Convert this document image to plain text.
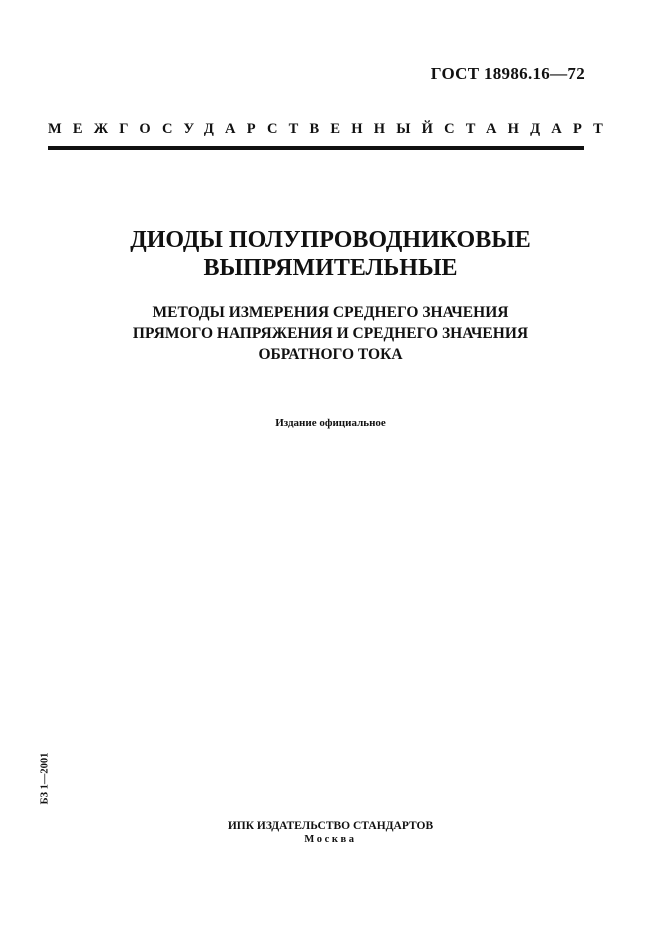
ГОСТ 18986.16—72
МЕЖГОСУДАРСТВЕННЫЙ СТАНДАРТ
ДИОДЫ ПОЛУПРОВОДНИКОВЫЕ
ВЫПРЯМИТЕЛЬНЫЕ
МЕТОДЫ ИЗМЕРЕНИЯ СРЕДНЕГО ЗНАЧЕНИЯ
ПРЯМОГО НАПРЯЖЕНИЯ И СРЕДНЕГО ЗНАЧЕНИЯ
ОБРАТНОГО ТОКА
Издание официальное
БЗ 1—2001
ИПК ИЗДАТЕЛЬСТВО СТАНДАРТОВ
Москва
